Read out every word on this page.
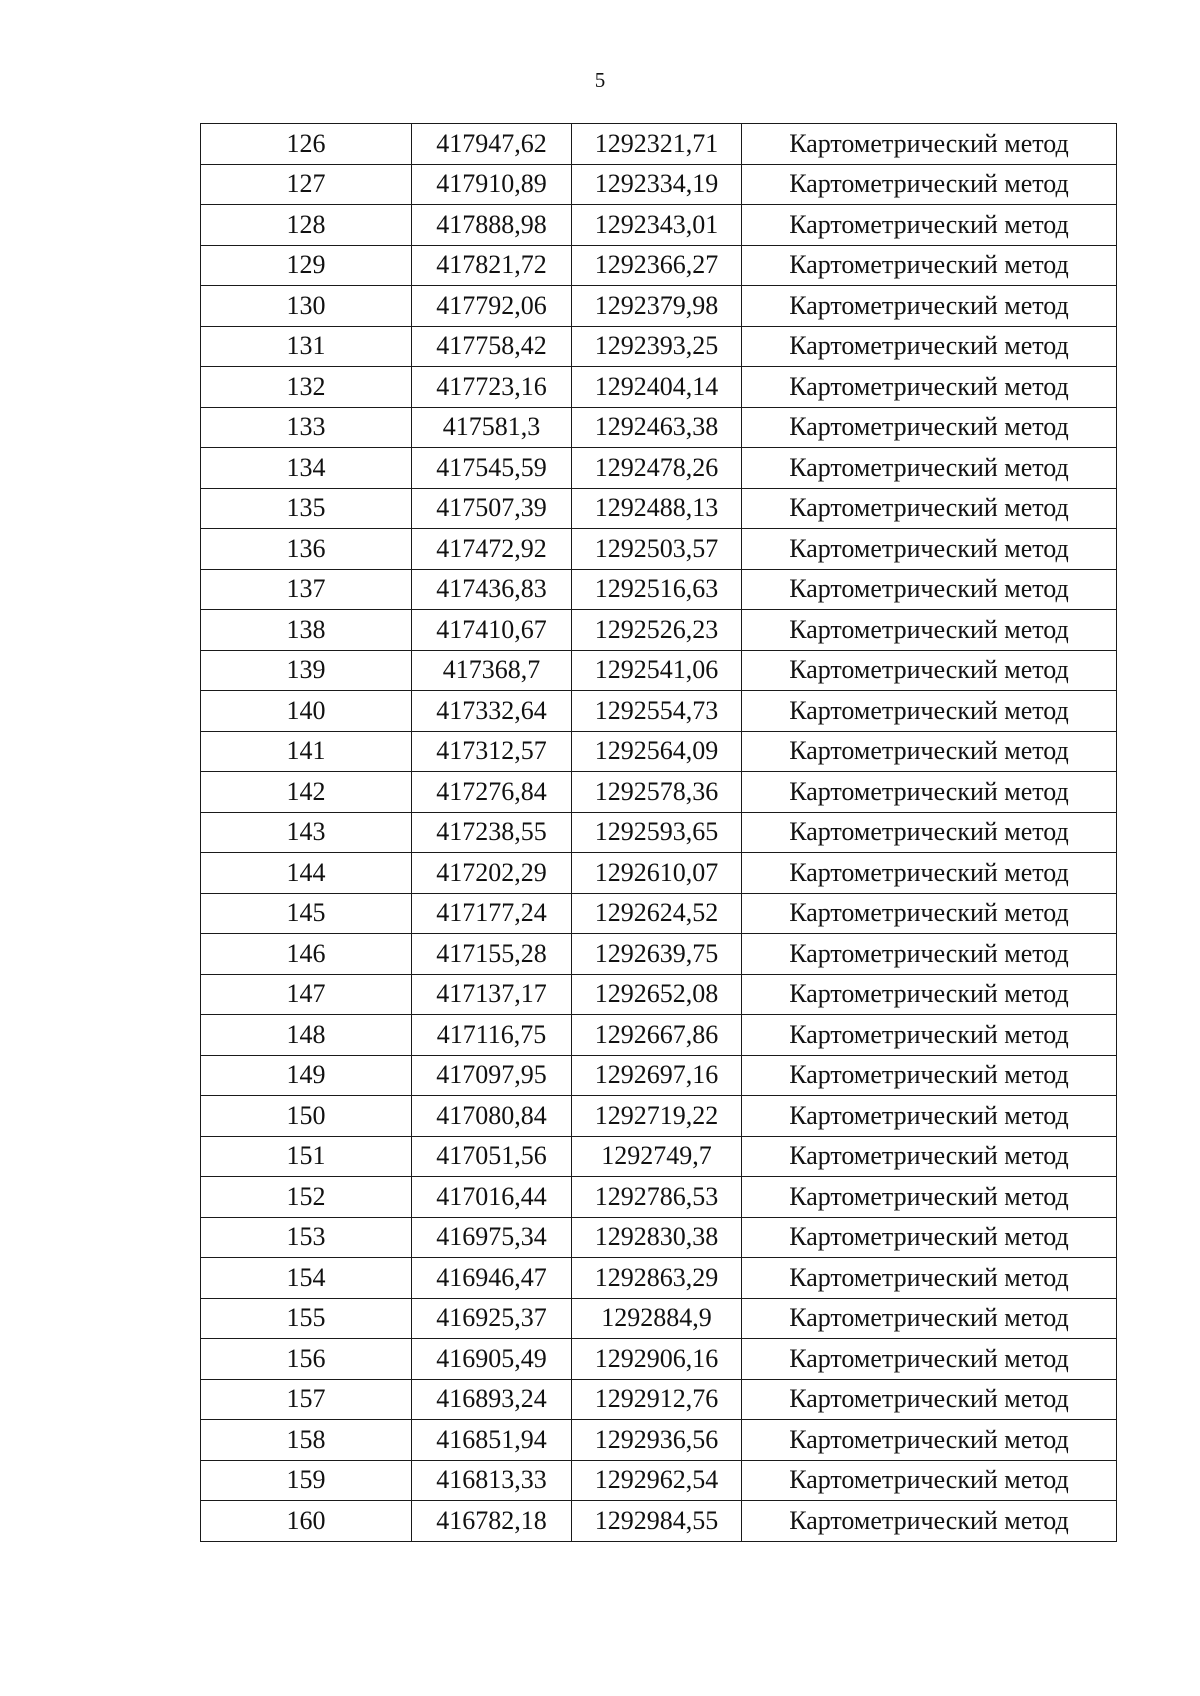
5
126	417947,62	1292321,71	Картометрический метод
127	417910,89	1292334,19	Картометрический метод
128	417888,98	1292343,01	Картометрический метод
129	417821,72	1292366,27	Картометрический метод
130	417792,06	1292379,98	Картометрический метод
131	417758,42	1292393,25	Картометрический метод
132	417723,16	1292404,14	Картометрический метод
133	417581,3	1292463,38	Картометрический метод
134	417545,59	1292478,26	Картометрический метод
135	417507,39	1292488,13	Картометрический метод
136	417472,92	1292503,57	Картометрический метод
137	417436,83	1292516,63	Картометрический метод
138	417410,67	1292526,23	Картометрический метод
139	417368,7	1292541,06	Картометрический метод
140	417332,64	1292554,73	Картометрический метод
141	417312,57	1292564,09	Картометрический метод
142	417276,84	1292578,36	Картометрический метод
143	417238,55	1292593,65	Картометрический метод
144	417202,29	1292610,07	Картометрический метод
145	417177,24	1292624,52	Картометрический метод
146	417155,28	1292639,75	Картометрический метод
147	417137,17	1292652,08	Картометрический метод
148	417116,75	1292667,86	Картометрический метод
149	417097,95	1292697,16	Картометрический метод
150	417080,84	1292719,22	Картометрический метод
151	417051,56	1292749,7	Картометрический метод
152	417016,44	1292786,53	Картометрический метод
153	416975,34	1292830,38	Картометрический метод
154	416946,47	1292863,29	Картометрический метод
155	416925,37	1292884,9	Картометрический метод
156	416905,49	1292906,16	Картометрический метод
157	416893,24	1292912,76	Картометрический метод
158	416851,94	1292936,56	Картометрический метод
159	416813,33	1292962,54	Картометрический метод
160	416782,18	1292984,55	Картометрический метод
